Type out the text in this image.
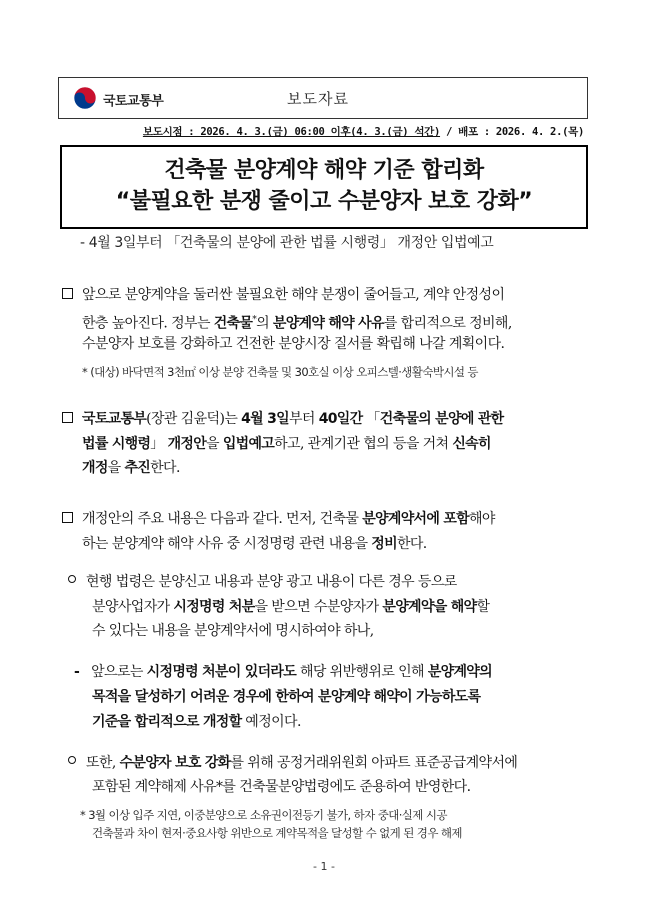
국토교통부	보도자료
보도시점 : 2026. 4. 3.(금) 06:00 이후(4. 3.(금) 석간) / 배포 : 2026. 4. 2.(목)
건축물 분양계약 해약 기준 합리화
“불필요한 분쟁 줄이고 수분양자 보호 강화”
- 4월 3일부터 「건축물의 분양에 관한 법률 시행령」 개정안 입법예고
앞으로 분양계약을 둘러싼 불필요한 해약 분쟁이 줄어들고, 계약 안정성이
한층 높아진다. 정부는 건축물*의 분양계약 해약 사유를 합리적으로 정비해,
수분양자 보호를 강화하고 건전한 분양시장 질서를 확립해 나갈 계획이다.
* (대상) 바닥면적 3천㎡ 이상 분양 건축물 및 30호실 이상 오피스텔·생활숙박시설 등
국토교통부(장관 김윤덕)는 4월 3일부터 40일간 「건축물의 분양에 관한
법률 시행령」 개정안을 입법예고하고, 관계기관 협의 등을 거쳐 신속히
개정을 추진한다.
개정안의 주요 내용은 다음과 같다. 먼저, 건축물 분양계약서에 포함해야
하는 분양계약 해약 사유 중 시정명령 관련 내용을 정비한다.
현행 법령은 분양신고 내용과 분양 광고 내용이 다른 경우 등으로
분양사업자가 시정명령 처분을 받으면 수분양자가 분양계약을 해약할
수 있다는 내용을 분양계약서에 명시하여야 하나,
- 앞으로는 시정명령 처분이 있더라도 해당 위반행위로 인해 분양계약의
목적을 달성하기 어려운 경우에 한하여 분양계약 해약이 가능하도록
기준을 합리적으로 개정할 예정이다.
또한, 수분양자 보호 강화를 위해 공정거래위원회 아파트 표준공급계약서에
포함된 계약해제 사유*를 건축물분양법령에도 준용하여 반영한다.
* 3월 이상 입주 지연, 이중분양으로 소유권이전등기 불가, 하자 중대·실제 시공
건축물과 차이 현저·중요사항 위반으로 계약목적을 달성할 수 없게 된 경우 해제
- 1 -
